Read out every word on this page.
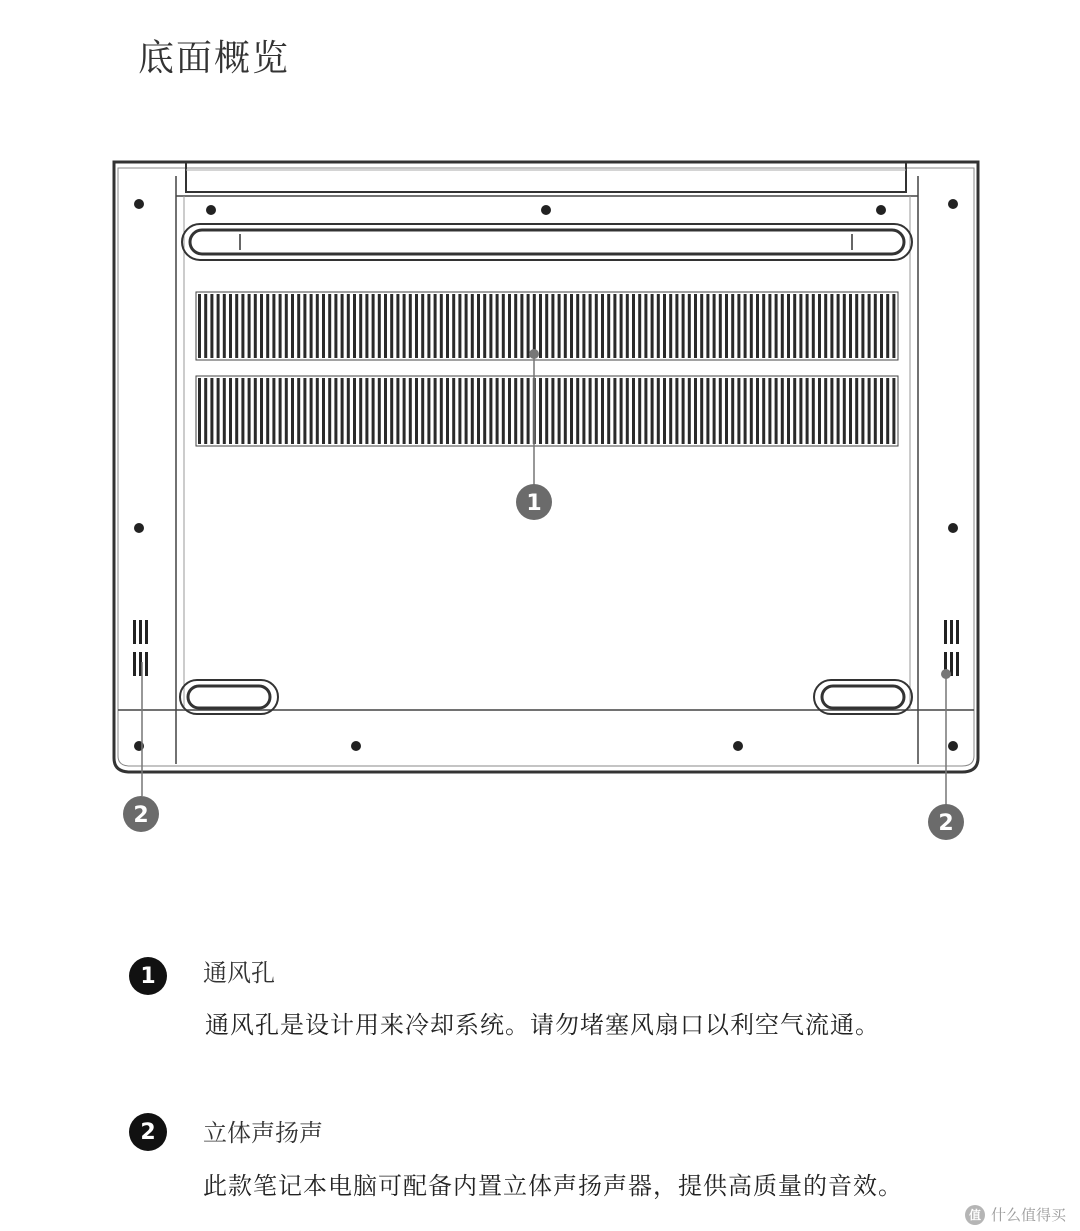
底面概览
1
2	2
1	通风孔
通风孔是设计用来冷却系统。请勿堵塞风扇口以利空气流通。
2	立体声扬声
此款笔记本电脑可配备内置立体声扬声器，提供高质量的音效。
值 什么值得买
